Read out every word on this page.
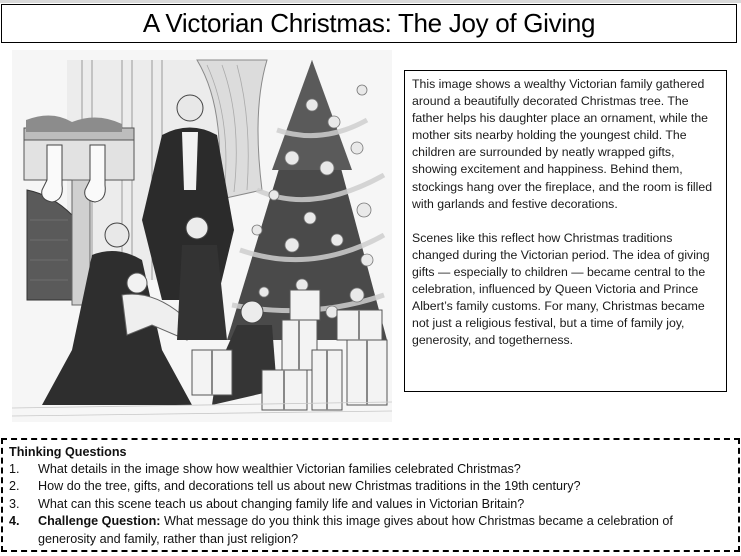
A Victorian Christmas: The Joy of Giving

This image shows a wealthy Victorian family gathered around a beautifully decorated Christmas tree. The father helps his daughter place an ornament, while the mother sits nearby holding the youngest child. The children are surrounded by neatly wrapped gifts, showing excitement and happiness. Behind them, stockings hang over the fireplace, and the room is filled with garlands and festive decorations.

Scenes like this reflect how Christmas traditions changed during the Victorian period. The idea of giving gifts — especially to children — became central to the celebration, influenced by Queen Victoria and Prince Albert’s family customs. For many, Christmas became not just a religious festival, but a time of family joy, generosity, and togetherness.

Thinking Questions
1.	What details in the image show how wealthier Victorian families celebrated Christmas?
2.	How do the tree, gifts, and decorations tell us about new Christmas traditions in the 19th century?
3.	What can this scene teach us about changing family life and values in Victorian Britain?
4.	Challenge Question: What message do you think this image gives about how Christmas became a celebration of generosity and family, rather than just religion?
